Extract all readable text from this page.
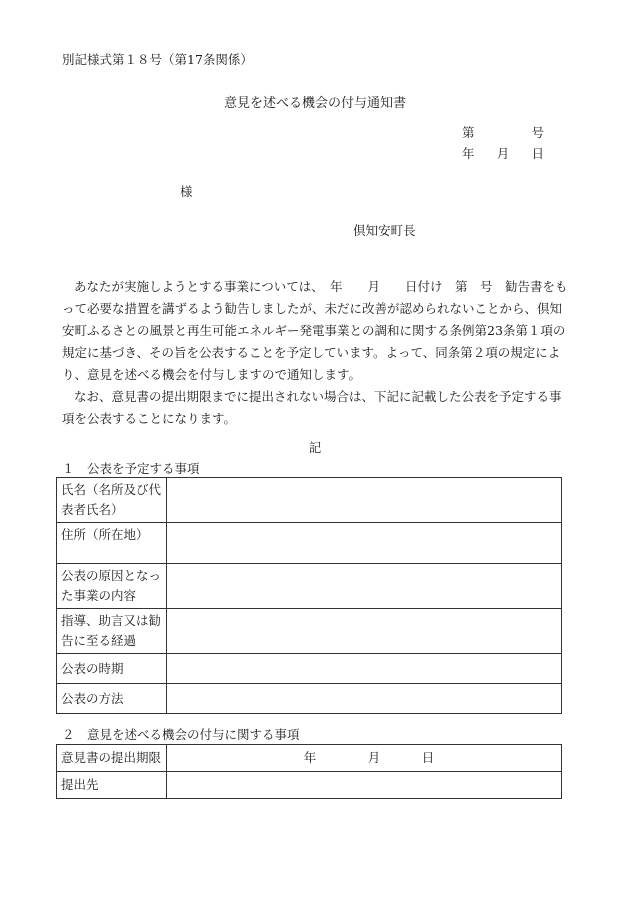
別記様式第１８号（第17条関係）
意見を述べる機会の付与通知書
第	号
年 月 日
様
倶知安町長

あなたが実施しようとする事業については、　年　　月　　日付け　第　号　勧告書をもって必要な措置を講ずるよう勧告しましたが、未だに改善が認められないことから、倶知安町ふるさとの風景と再生可能エネルギー発電事業との調和に関する条例第23条第１項の規定に基づき、その旨を公表することを予定しています。よって、同条第２項の規定により、意見を述べる機会を付与しますので通知します。

なお、意見書の提出期限までに提出されない場合は、下記に記載した公表を予定する事項を公表することになります。

記
１　公表を予定する事項
氏名（名所及び代表者氏名）	
住所（所在地）	
公表の原因となった事業の内容	
指導、助言又は勧告に至る経過	
公表の時期	
公表の方法	
２　意見を述べる機会の付与に関する事項
意見書の提出期限	年 月 日
提出先	
